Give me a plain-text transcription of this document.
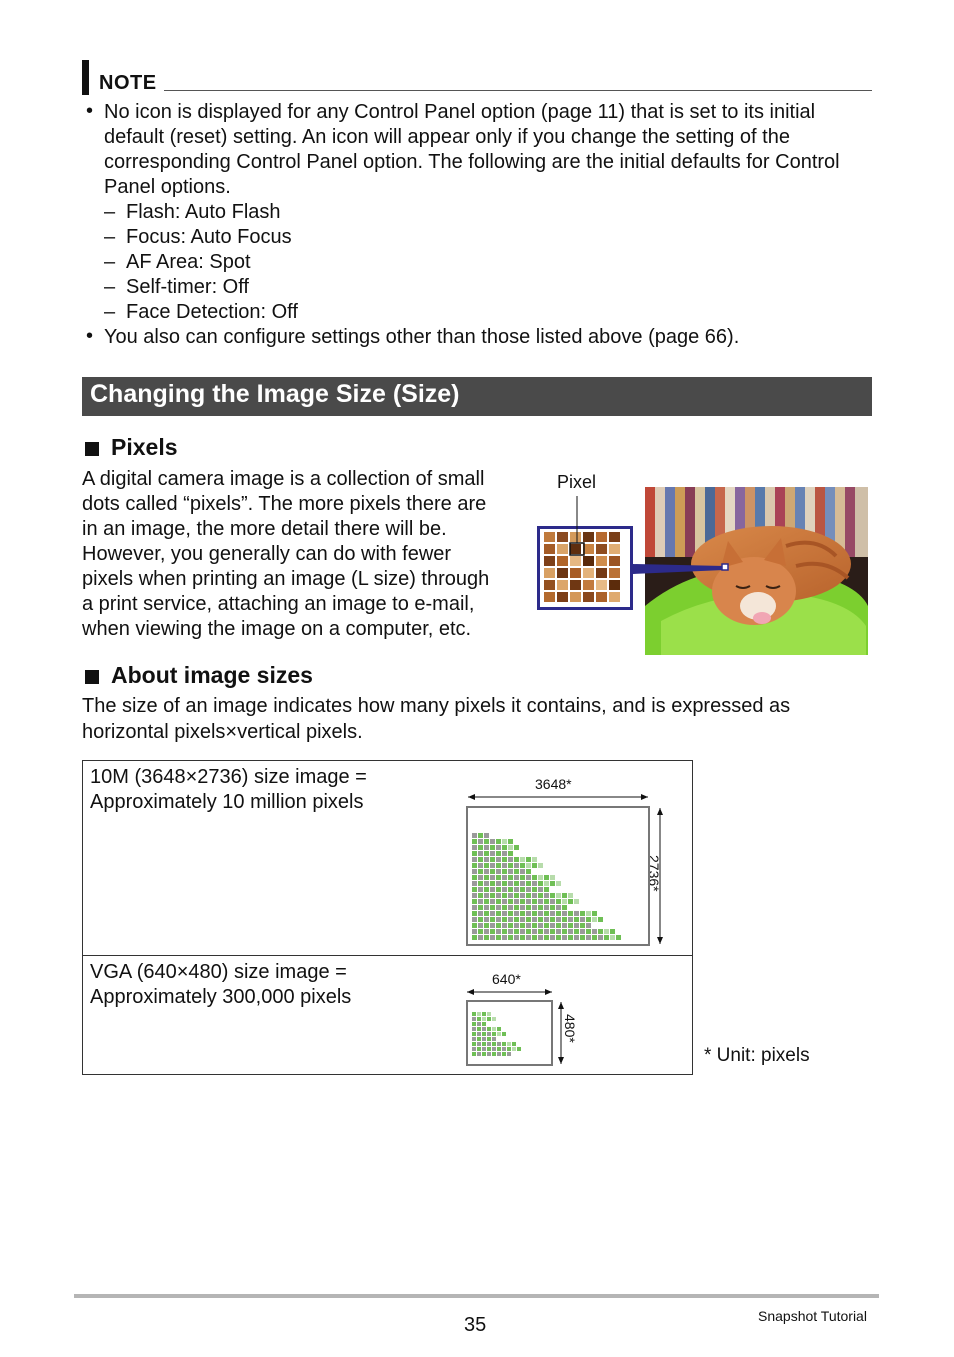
NOTE
• No icon is displayed for any Control Panel option (page 11) that is set to its initial
default (reset) setting. An icon will appear only if you change the setting of the
corresponding Control Panel option. The following are the initial defaults for Control
Panel options.
– Flash: Auto Flash
– Focus: Auto Focus
– AF Area: Spot
– Self-timer: Off
– Face Detection: Off
• You also can configure settings other than those listed above (page 66).
Changing the Image Size (Size)
Pixels
A digital camera image is a collection of small
dots called “pixels”. The more pixels there are
in an image, the more detail there will be.
However, you generally can do with fewer
pixels when printing an image (L size) through
a print service, attaching an image to e-mail,
when viewing the image on a computer, etc.
Pixel
About image sizes
The size of an image indicates how many pixels it contains, and is expressed as
horizontal pixels×vertical pixels.
10M (3648×2736) size image =
Approximately 10 million pixels
3648*
2736*
VGA (640×480) size image =
Approximately 300,000 pixels
640*
480*
* Unit: pixels
35	Snapshot Tutorial
